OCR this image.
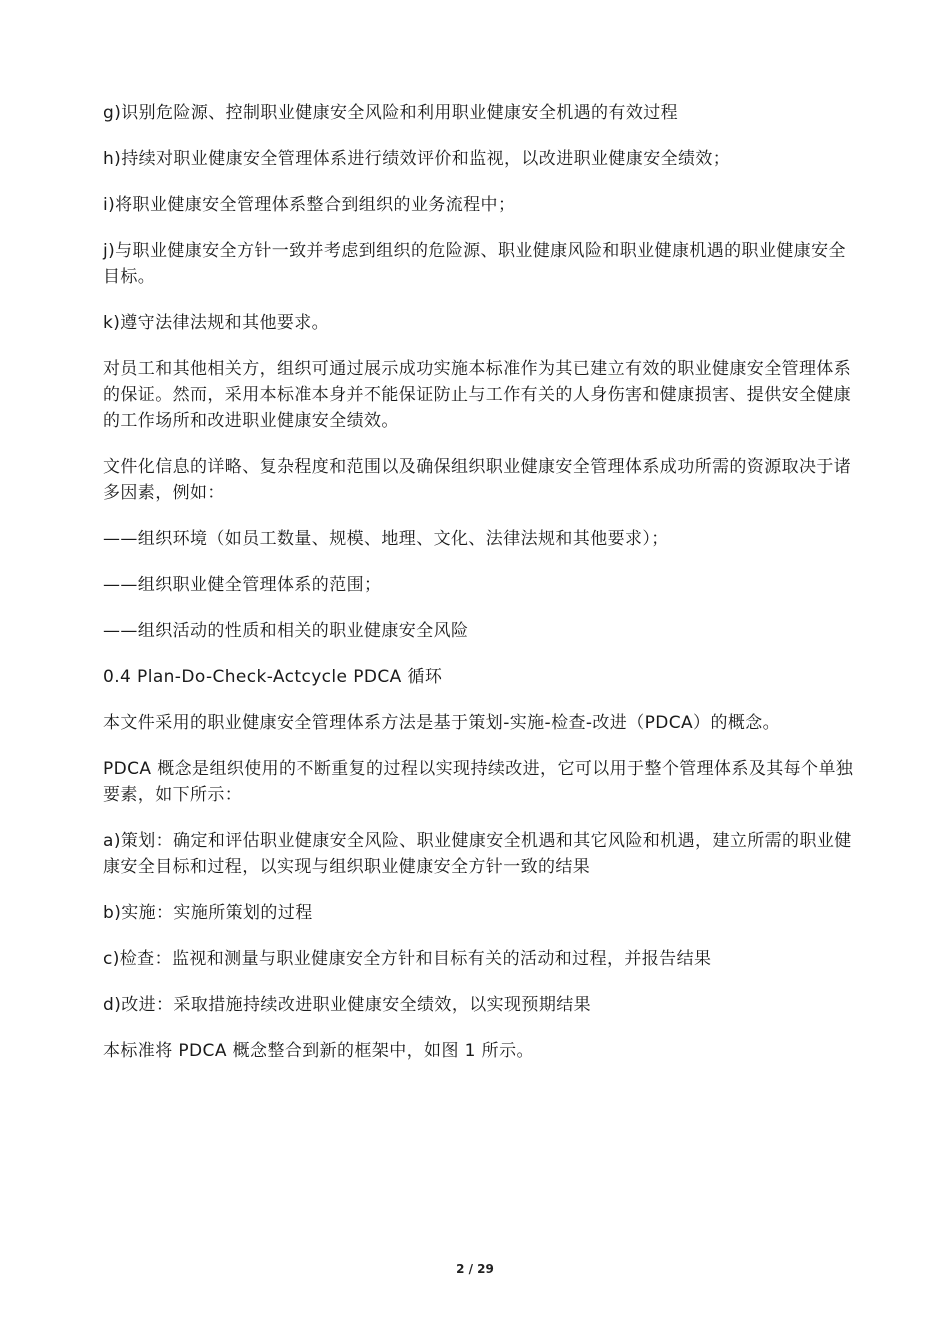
g)识别危险源、控制职业健康安全风险和利用职业健康安全机遇的有效过程

h)持续对职业健康安全管理体系进行绩效评价和监视，以改进职业健康安全绩效；

i)将职业健康安全管理体系整合到组织的业务流程中；

j)与职业健康安全方针一致并考虑到组织的危险源、职业健康风险和职业健康机遇的职业健康安全目标。

k)遵守法律法规和其他要求。

对员工和其他相关方，组织可通过展示成功实施本标准作为其已建立有效的职业健康安全管理体系的保证。然而，采用本标准本身并不能保证防止与工作有关的人身伤害和健康损害、提供安全健康的工作场所和改进职业健康安全绩效。

文件化信息的详略、复杂程度和范围以及确保组织职业健康安全管理体系成功所需的资源取决于诸多因素，例如：

——组织环境（如员工数量、规模、地理、文化、法律法规和其他要求）；

——组织职业健全管理体系的范围；

——组织活动的性质和相关的职业健康安全风险

0.4 Plan-Do-Check-Actcycle PDCA 循环

本文件采用的职业健康安全管理体系方法是基于策划-实施-检查-改进（PDCA）的概念。

PDCA 概念是组织使用的不断重复的过程以实现持续改进，它可以用于整个管理体系及其每个单独要素，如下所示：

a)策划：确定和评估职业健康安全风险、职业健康安全机遇和其它风险和机遇，建立所需的职业健康安全目标和过程，以实现与组织职业健康安全方针一致的结果

b)实施：实施所策划的过程

c)检查：监视和测量与职业健康安全方针和目标有关的活动和过程，并报告结果

d)改进：采取措施持续改进职业健康安全绩效，以实现预期结果

本标准将 PDCA 概念整合到新的框架中，如图 1 所示。

2 / 29
